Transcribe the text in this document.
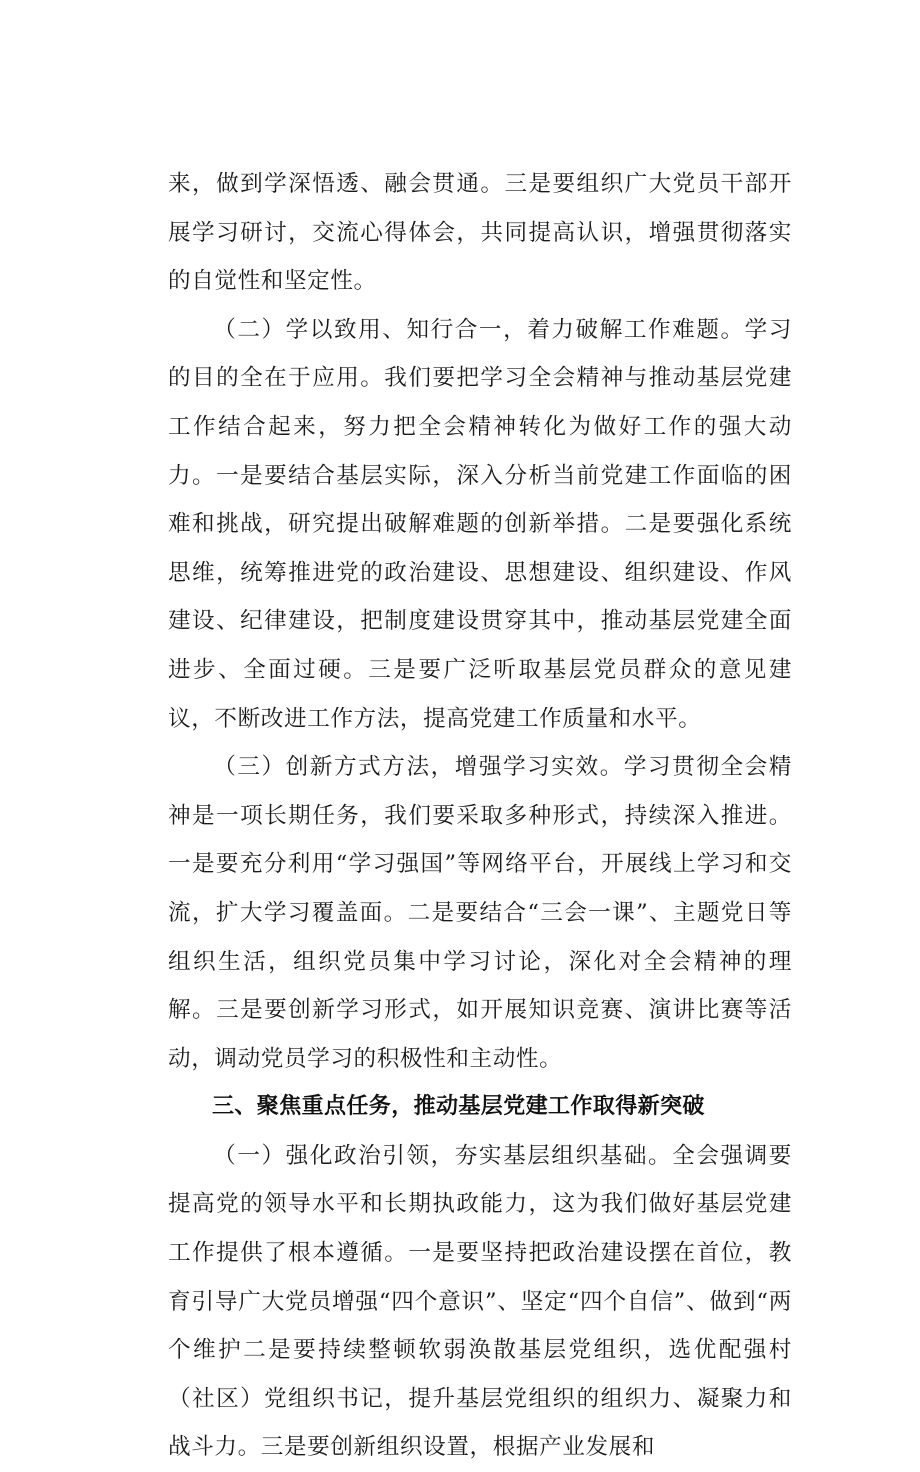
来，做到学深悟透、融会贯通。三是要组织广大党员干部开展学习研讨，交流心得体会，共同提高认识，增强贯彻落实的自觉性和坚定性。

（二）学以致用、知行合一，着力破解工作难题。学习的目的全在于应用。我们要把学习全会精神与推动基层党建工作结合起来，努力把全会精神转化为做好工作的强大动力。一是要结合基层实际，深入分析当前党建工作面临的困难和挑战，研究提出破解难题的创新举措。二是要强化系统思维，统筹推进党的政治建设、思想建设、组织建设、作风建设、纪律建设，把制度建设贯穿其中，推动基层党建全面进步、全面过硬。三是要广泛听取基层党员群众的意见建议，不断改进工作方法，提高党建工作质量和水平。

（三）创新方式方法，增强学习实效。学习贯彻全会精神是一项长期任务，我们要采取多种形式，持续深入推进。一是要充分利用“学习强国”等网络平台，开展线上学习和交流，扩大学习覆盖面。二是要结合“三会一课”、主题党日等组织生活，组织党员集中学习讨论，深化对全会精神的理解。三是要创新学习形式，如开展知识竞赛、演讲比赛等活动，调动党员学习的积极性和主动性。

三、聚焦重点任务，推动基层党建工作取得新突破

（一）强化政治引领，夯实基层组织基础。全会强调要提高党的领导水平和长期执政能力，这为我们做好基层党建工作提供了根本遵循。一是要坚持把政治建设摆在首位，教育引导广大党员增强“四个意识”、坚定“四个自信”、做到“两个维护二是要持续整顿软弱涣散基层党组织，选优配强村（社区）党组织书记，提升基层党组织的组织力、凝聚力和战斗力。三是要创新组织设置，根据产业发展和
